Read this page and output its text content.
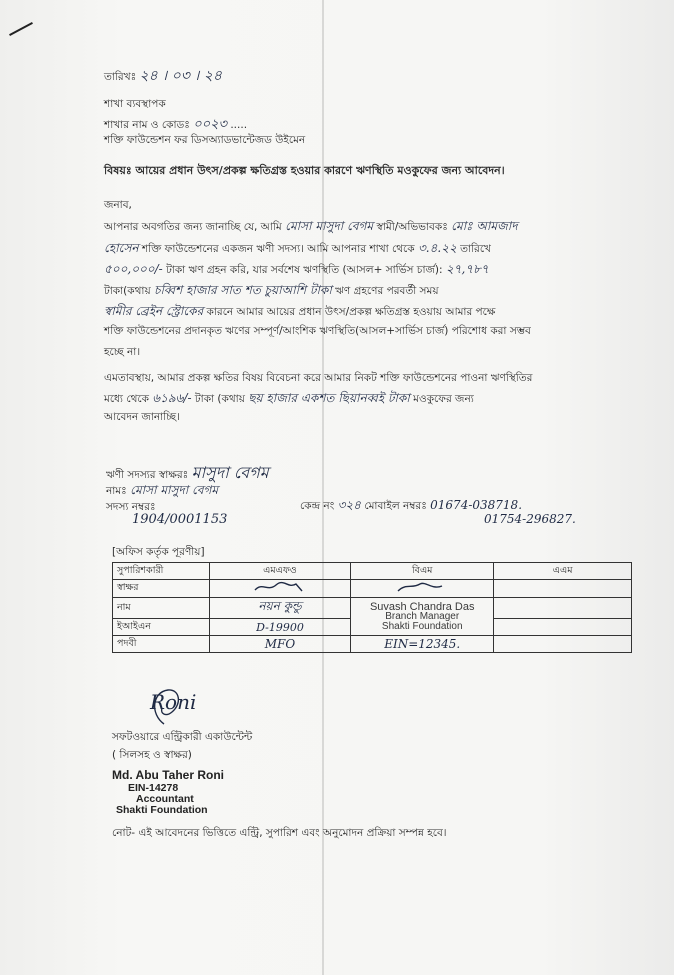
তারিখঃ ২৪ । ০৩ । ২৪
শাখা ব্যবস্থাপক
শাখার নাম ও কোডঃ ০০২৩ .....
শক্তি ফাউন্ডেশন ফর ডিসঅ্যাডভান্টেজড উইমেন
বিষয়ঃ আয়ের প্রধান উৎস/প্রকল্প ক্ষতিগ্রস্ত হওয়ার কারণে ঋণস্থিতি মওকুফের জন্য আবেদন।
জনাব,
আপনার অবগতির জন্য জানাচ্ছি যে, আমি মোসা মাসুদা বেগম স্বামী/অভিভাবকঃ মোঃ আমজাদ
হোসেন শক্তি ফাউন্ডেশনের একজন ঋণী সদস্য। আমি আপনার শাখা থেকে ৩.৪.২২ তারিখে
৫০০,০০০/- টাকা ঋণ গ্রহন করি, যার সর্বশেষ ঋণস্থিতি (আসল+ সার্ভিস চার্জ): ২৭,৭৮৭
টাকা(কথায় চব্বিশ হাজার সাত শত চুয়াআশি টাকা ঋণ গ্রহণের পরবর্তী সময়
স্বামীর ব্রেইন স্ট্রোকের কারনে আমার আয়ের প্রধান উৎস/প্রকল্প ক্ষতিগ্রস্ত হওয়ায় আমার পক্ষে
শক্তি ফাউন্ডেশনের প্রদানকৃত ঋণের সম্পূর্ণ/আংশিক ঋণস্থিতি(আসল+সার্ভিস চার্জ) পরিশোধ করা সম্ভব
হচ্ছে না।
এমতাবস্থায়, আমার প্রকল্প ক্ষতির বিষয় বিবেচনা করে আমার নিকট শক্তি ফাউন্ডেশনের পাওনা ঋণস্থিতির
মধ্যে থেকে ৬১৯৬/- টাকা (কথায় ছয় হাজার একশত ছিয়ানব্বই টাকা মওকুফের জন্য
আবেদন জানাচ্ছি।
ঋণী সদস্যর স্বাক্ষরঃ মাসুদা বেগম
নামঃ মোসা মাসুদা বেগম
সদস্য নম্বরঃ
1904/0001153
কেন্দ্র নং ৩২৪ মোবাইল নম্বরঃ 01674-038718.
01754-296827.
[অফিস কর্তৃক পূরণীয়]
সুপারিশকারী	এমএফও	বিএম	এএম
স্বাক্ষর			
নাম	নয়ন কুন্ডু	Suvash Chandra Das
Branch Manager
Shakti Foundation	

ইআইএন	D-19900		
পদবী	MFO	EIN=12345.	
Roni
সফটওয়ারে এন্ট্রিকারী একাউন্টেন্ট
( সিলসহ ও স্বাক্ষর)
Md. Abu Taher Roni
EIN-14278
Accountant
Shakti Foundation
নোট- এই আবেদনের ভিত্তিতে এন্ট্রি, সুপারিশ এবং অনুমোদন প্রক্রিয়া সম্পন্ন হবে।
